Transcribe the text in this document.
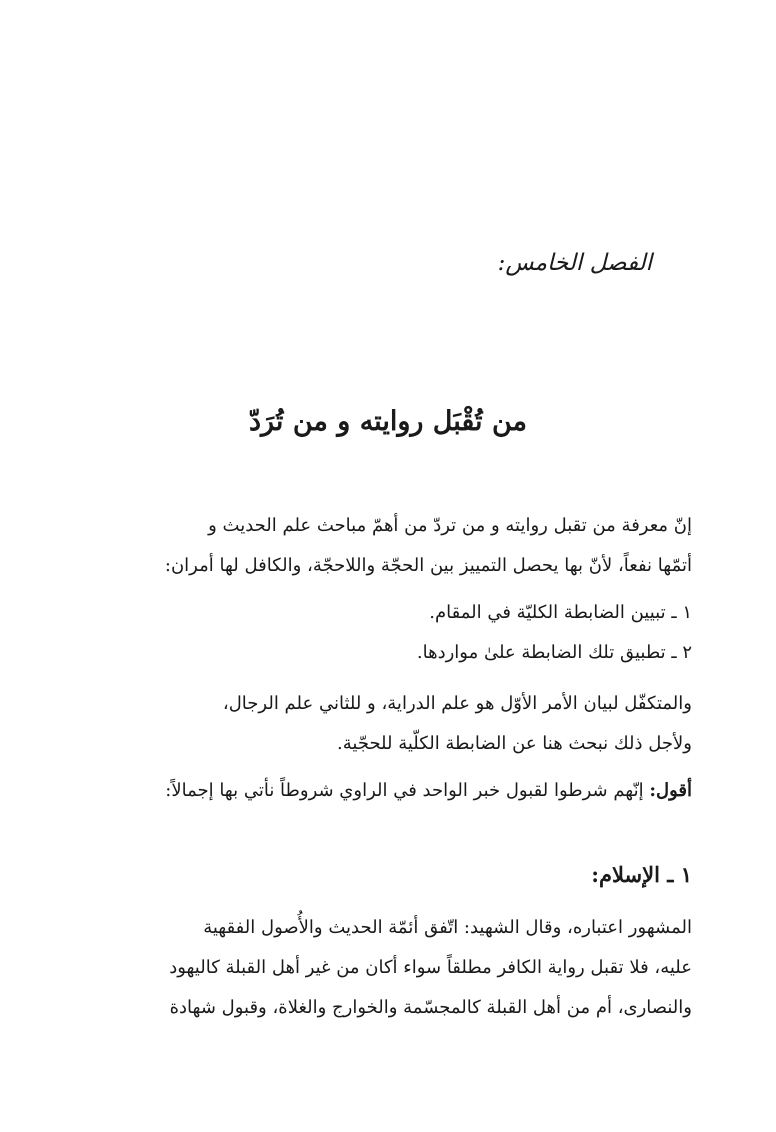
الفصل الخامس:
من تُقْبَل روايته و من تُرَدّ

إنّ معرفة من تقبل روايته و من تردّ من أهمّ مباحث علم الحديث و
أتمّها نفعاً، لأنّ بها يحصل التمييز بين الحجّة واللاحجّة، والكافل لها أمران:

١ ـ تبيين الضابطة الكليّة في المقام.
٢ ـ تطبيق تلك الضابطة علىٰ مواردها.

والمتكفّل لبيان الأمر الأوّل هو علم الدراية، و للثاني علم الرجال،
ولأجل ذلك نبحث هنا عن الضابطة الكلّية للحجّية.

أقول: إنّهم شرطوا لقبول خبر الواحد في الراوي شروطاً نأتي بها إجمالاً:

١ ـ الإسلام:

المشهور اعتباره، وقال الشهيد: اتّفق أئمّة الحديث والأُصول الفقهية
عليه، فلا تقبل رواية الكافر مطلقاً سواء أكان من غير أهل القبلة كاليهود
والنصارى، أم من أهل القبلة كالمجسّمة والخوارج والغلاة، وقبول شهادة
